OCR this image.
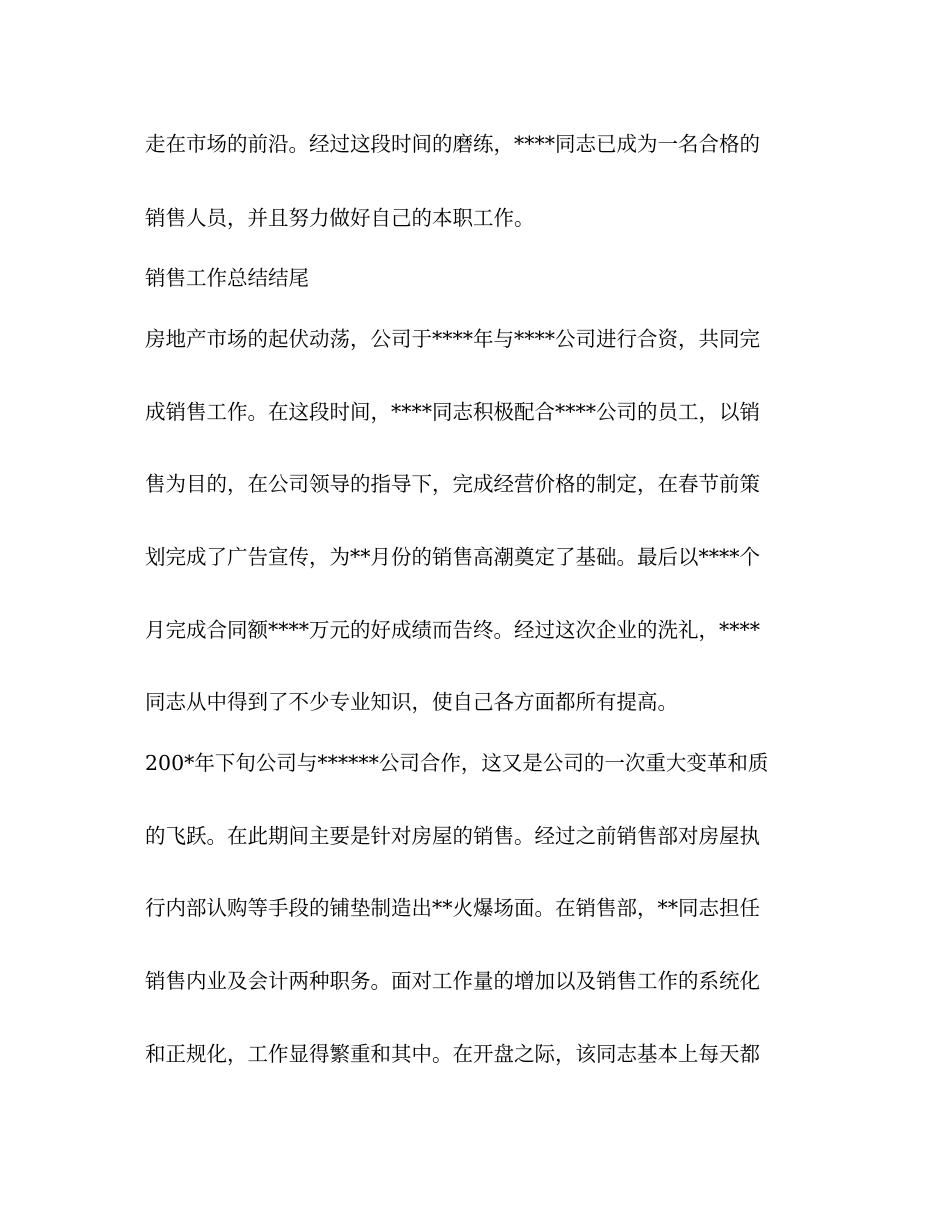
走在市场的前沿。经过这段时间的磨练，****同志已成为一名合格的
销售人员，并且努力做好自己的本职工作。
销售工作总结结尾
房地产市场的起伏动荡，公司于****年与****公司进行合资，共同完
成销售工作。在这段时间，****同志积极配合****公司的员工，以销
售为目的，在公司领导的指导下，完成经营价格的制定，在春节前策
划完成了广告宣传，为**月份的销售高潮奠定了基础。最后以****个
月完成合同额****万元的好成绩而告终。经过这次企业的洗礼，****
同志从中得到了不少专业知识，使自己各方面都所有提高。
200*年下旬公司与******公司合作，这又是公司的一次重大变革和质
的飞跃。在此期间主要是针对房屋的销售。经过之前销售部对房屋执
行内部认购等手段的铺垫制造出**火爆场面。在销售部，**同志担任
销售内业及会计两种职务。面对工作量的增加以及销售工作的系统化
和正规化，工作显得繁重和其中。在开盘之际，该同志基本上每天都
